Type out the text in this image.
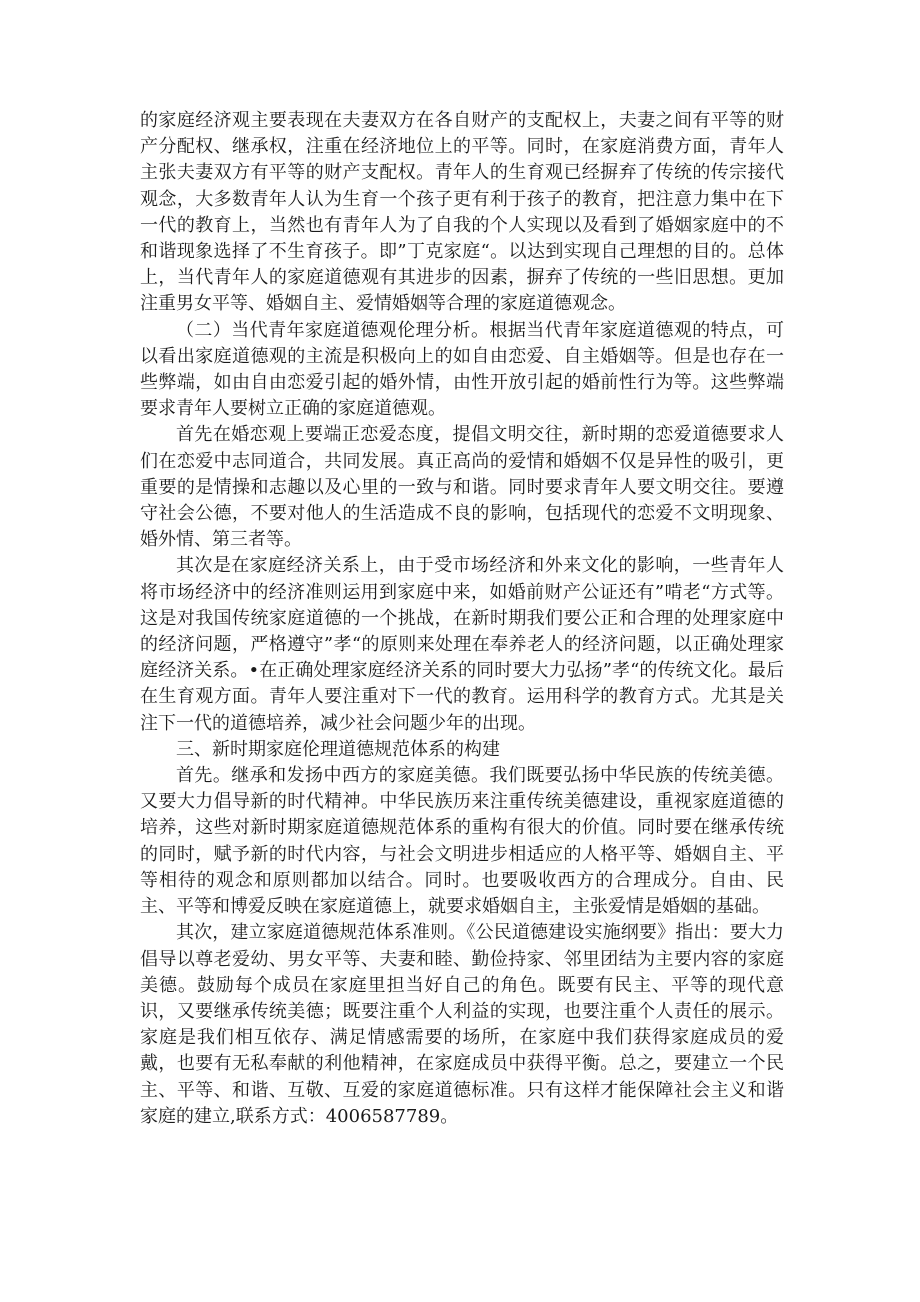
的家庭经济观主要表现在夫妻双方在各自财产的支配权上，夫妻之间有平等的财产分配权、继承权，注重在经济地位上的平等。同时，在家庭消费方面，青年人主张夫妻双方有平等的财产支配权。青年人的生育观已经摒弃了传统的传宗接代观念，大多数青年人认为生育一个孩子更有利于孩子的教育，把注意力集中在下一代的教育上，当然也有青年人为了自我的个人实现以及看到了婚姻家庭中的不和谐现象选择了不生育孩子。即”丁克家庭“。以达到实现自己理想的目的。总体上，当代青年人的家庭道德观有其进步的因素，摒弃了传统的一些旧思想。更加注重男女平等、婚姻自主、爱情婚姻等合理的家庭道德观念。

（二）当代青年家庭道德观伦理分析。根据当代青年家庭道德观的特点，可以看出家庭道德观的主流是积极向上的如自由恋爱、自主婚姻等。但是也存在一些弊端，如由自由恋爱引起的婚外情，由性开放引起的婚前性行为等。这些弊端要求青年人要树立正确的家庭道德观。

首先在婚恋观上要端正恋爱态度，提倡文明交往，新时期的恋爱道德要求人们在恋爱中志同道合，共同发展。真正高尚的爱情和婚姻不仅是异性的吸引，更重要的是情操和志趣以及心里的一致与和谐。同时要求青年人要文明交往。要遵守社会公德，不要对他人的生活造成不良的影响，包括现代的恋爱不文明现象、婚外情、第三者等。

其次是在家庭经济关系上，由于受市场经济和外来文化的影响，一些青年人将市场经济中的经济准则运用到家庭中来，如婚前财产公证还有”啃老“方式等。这是对我国传统家庭道德的一个挑战，在新时期我们要公正和合理的处理家庭中的经济问题，严格遵守”孝“的原则来处理在奉养老人的经济问题，以正确处理家庭经济关系。•在正确处理家庭经济关系的同时要大力弘扬”孝“的传统文化。最后在生育观方面。青年人要注重对下一代的教育。运用科学的教育方式。尤其是关注下一代的道德培养，减少社会问题少年的出现。

三、新时期家庭伦理道德规范体系的构建

首先。继承和发扬中西方的家庭美德。我们既要弘扬中华民族的传统美德。又要大力倡导新的时代精神。中华民族历来注重传统美德建设，重视家庭道德的培养，这些对新时期家庭道德规范体系的重构有很大的价值。同时要在继承传统的同时，赋予新的时代内容，与社会文明进步相适应的人格平等、婚姻自主、平等相待的观念和原则都加以结合。同时。也要吸收西方的合理成分。自由、民主、平等和博爱反映在家庭道德上，就要求婚姻自主，主张爱情是婚姻的基础。

其次，建立家庭道德规范体系准则。《公民道德建设实施纲要》指出：要大力倡导以尊老爱幼、男女平等、夫妻和睦、勤俭持家、邻里团结为主要内容的家庭美德。鼓励每个成员在家庭里担当好自己的角色。既要有民主、平等的现代意识，又要继承传统美德；既要注重个人利益的实现，也要注重个人责任的展示。家庭是我们相互依存、满足情感需要的场所，在家庭中我们获得家庭成员的爱戴，也要有无私奉献的利他精神，在家庭成员中获得平衡。总之，要建立一个民主、平等、和谐、互敬、互爱的家庭道德标准。只有这样才能保障社会主义和谐家庭的建立,联系方式：4006587789。
